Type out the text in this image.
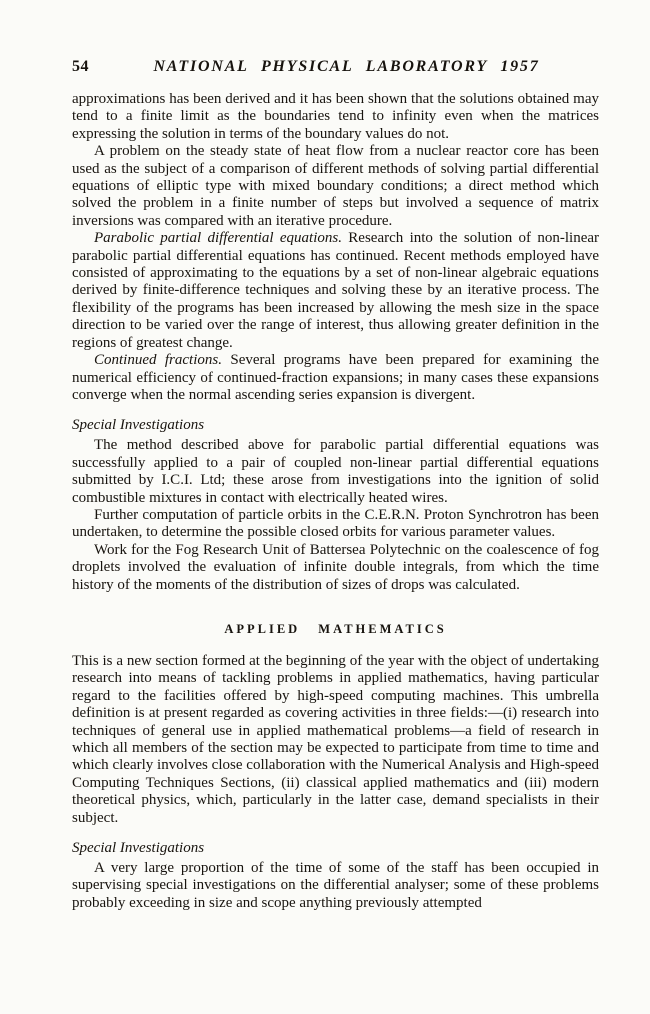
54	NATIONAL PHYSICAL LABORATORY 1957

approximations has been derived and it has been shown that the solutions obtained may tend to a finite limit as the boundaries tend to infinity even when the matrices expressing the solution in terms of the boundary values do not.

A problem on the steady state of heat flow from a nuclear reactor core has been used as the subject of a comparison of different methods of solving partial differential equations of elliptic type with mixed boundary conditions; a direct method which solved the problem in a finite number of steps but involved a sequence of matrix inversions was compared with an iterative procedure.

Parabolic partial differential equations. Research into the solution of non-linear parabolic partial differential equations has continued. Recent methods employed have consisted of approximating to the equations by a set of non-linear algebraic equations derived by finite-difference techniques and solving these by an iterative process. The flexibility of the programs has been increased by allowing the mesh size in the space direction to be varied over the range of interest, thus allowing greater definition in the regions of greatest change.

Continued fractions. Several programs have been prepared for examining the numerical efficiency of continued-fraction expansions; in many cases these expansions converge when the normal ascending series expansion is divergent.

Special Investigations

The method described above for parabolic partial differential equations was successfully applied to a pair of coupled non-linear partial differential equations submitted by I.C.I. Ltd; these arose from investigations into the ignition of solid combustible mixtures in contact with electrically heated wires.

Further computation of particle orbits in the C.E.R.N. Proton Synchrotron has been undertaken, to determine the possible closed orbits for various parameter values.

Work for the Fog Research Unit of Battersea Polytechnic on the coalescence of fog droplets involved the evaluation of infinite double integrals, from which the time history of the moments of the distribution of sizes of drops was calculated.

APPLIED MATHEMATICS

This is a new section formed at the beginning of the year with the object of undertaking research into means of tackling problems in applied mathematics, having particular regard to the facilities offered by high-speed computing machines. This umbrella definition is at present regarded as covering activities in three fields:—(i) research into techniques of general use in applied mathematical problems—a field of research in which all members of the section may be expected to participate from time to time and which clearly involves close collaboration with the Numerical Analysis and High-speed Computing Techniques Sections, (ii) classical applied mathematics and (iii) modern theoretical physics, which, particularly in the latter case, demand specialists in their subject.

Special Investigations

A very large proportion of the time of some of the staff has been occupied in supervising special investigations on the differential analyser; some of these problems probably exceeding in size and scope anything previously attempted
